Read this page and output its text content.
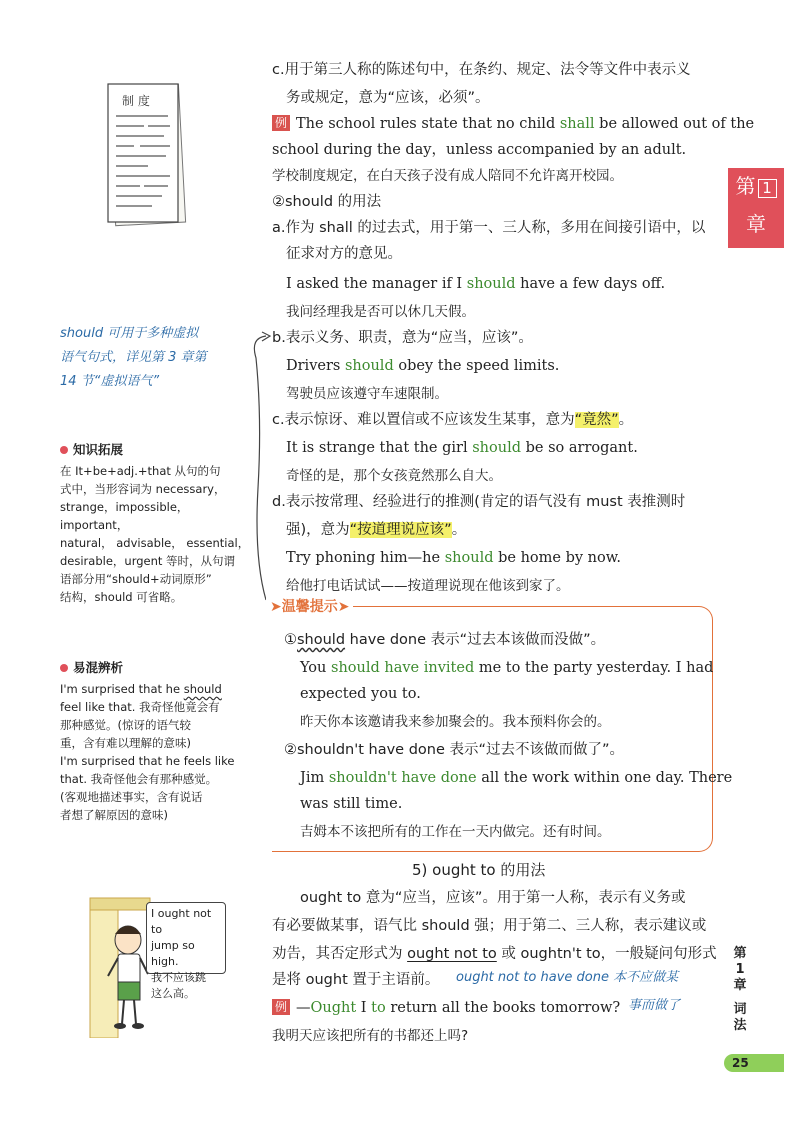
制 度
第 1
章
should 可用于多种虚拟
语气句式，详见第 3 章第
14 节“虚拟语气”
知识拓展
在 It+be+adj.+that 从句的句
式中，当形容词为 necessary，
strange，impossible，important，
natural， advisable， essential，
desirable，urgent 等时，从句谓
语部分用“should+动词原形”
结构，should 可省略。
易混辨析
I'm surprised that he should
feel like that. 我奇怪他竟会有
那种感觉。(惊讶的语气较
重，含有难以理解的意味)
I'm surprised that he feels like
that. 我奇怪他会有那种感觉。
(客观地描述事实，含有说话
者想了解原因的意味)
I ought not to
jump so high.
我不应该跳
这么高。
c.用于第三人称的陈述句中，在条约、规定、法令等文件中表示义
务或规定，意为“应该，必须”。
例 The school rules state that no child shall be allowed out of the
school during the day，unless accompanied by an adult.
学校制度规定，在白天孩子没有成人陪同不允许离开校园。
②should 的用法
a.作为 shall 的过去式，用于第一、三人称，多用在间接引语中，以
征求对方的意见。
I asked the manager if I should have a few days off.
我问经理我是否可以休几天假。
b.表示义务、职责，意为“应当，应该”。
Drivers should obey the speed limits.
驾驶员应该遵守车速限制。
c.表示惊讶、难以置信或不应该发生某事，意为“竟然”。
It is strange that the girl should be so arrogant.
奇怪的是，那个女孩竟然那么自大。
d.表示按常理、经验进行的推测(肯定的语气没有 must 表推测时
强)，意为“按道理说应该”。
Try phoning him—he should be home by now.
给他打电话试试——按道理说现在他该到家了。
➤温馨提示➤
①should have done 表示“过去本该做而没做”。
You should have invited me to the party yesterday. I had
expected you to.
昨天你本该邀请我来参加聚会的。我本预料你会的。
②shouldn't have done 表示“过去不该做而做了”。
Jim shouldn't have done all the work within one day. There
was still time.
吉姆本不该把所有的工作在一天内做完。还有时间。
5) ought to 的用法
ought to 意为“应当，应该”。用于第一人称，表示有义务或
有必要做某事，语气比 should 强；用于第二、三人称，表示建议或
劝告，其否定形式为 ought not to 或 oughtn't to，一般疑问句形式
是将 ought 置于主语前。 ought not to have done 本不应做某
事而做了
例 —Ought I to return all the books tomorrow?
我明天应该把所有的书都还上吗?
第
1
章
词
法
25
